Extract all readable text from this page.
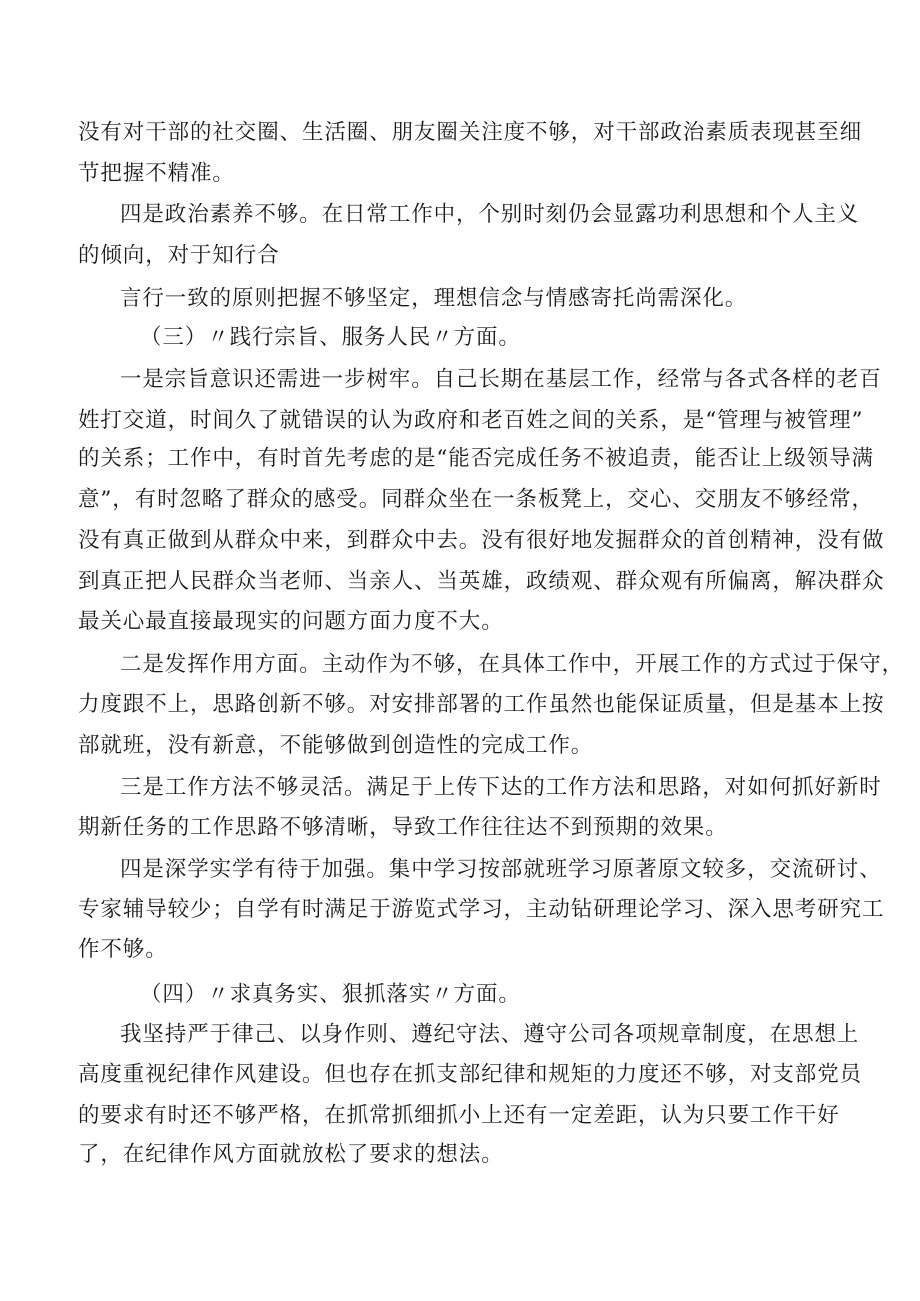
没有对干部的社交圈、生活圈、朋友圈关注度不够，对干部政治素质表现甚至细
节把握不精准。
四是政治素养不够。在日常工作中，个别时刻仍会显露功利思想和个人主义
的倾向，对于知行合
言行一致的原则把握不够坚定，理想信念与情感寄托尚需深化。
（三）〃践行宗旨、服务人民〃方面。
一是宗旨意识还需进一步树牢。自己长期在基层工作，经常与各式各样的老百
姓打交道，时间久了就错误的认为政府和老百姓之间的关系，是“管理与被管理”
的关系；工作中，有时首先考虑的是“能否完成任务不被追责，能否让上级领导满
意”，有时忽略了群众的感受。同群众坐在一条板凳上，交心、交朋友不够经常，
没有真正做到从群众中来，到群众中去。没有很好地发掘群众的首创精神，没有做
到真正把人民群众当老师、当亲人、当英雄，政绩观、群众观有所偏离，解决群众
最关心最直接最现实的问题方面力度不大。
二是发挥作用方面。主动作为不够，在具体工作中，开展工作的方式过于保守，
力度跟不上，思路创新不够。对安排部署的工作虽然也能保证质量，但是基本上按
部就班，没有新意，不能够做到创造性的完成工作。
三是工作方法不够灵活。满足于上传下达的工作方法和思路，对如何抓好新时
期新任务的工作思路不够清晰，导致工作往往达不到预期的效果。
四是深学实学有待于加强。集中学习按部就班学习原著原文较多，交流研讨、
专家辅导较少；自学有时满足于游览式学习，主动钻研理论学习、深入思考研究工
作不够。
（四）〃求真务实、狠抓落实〃方面。
我坚持严于律己、以身作则、遵纪守法、遵守公司各项规章制度，在思想上
高度重视纪律作风建设。但也存在抓支部纪律和规矩的力度还不够，对支部党员
的要求有时还不够严格，在抓常抓细抓小上还有一定差距，认为只要工作干好
了，在纪律作风方面就放松了要求的想法。
